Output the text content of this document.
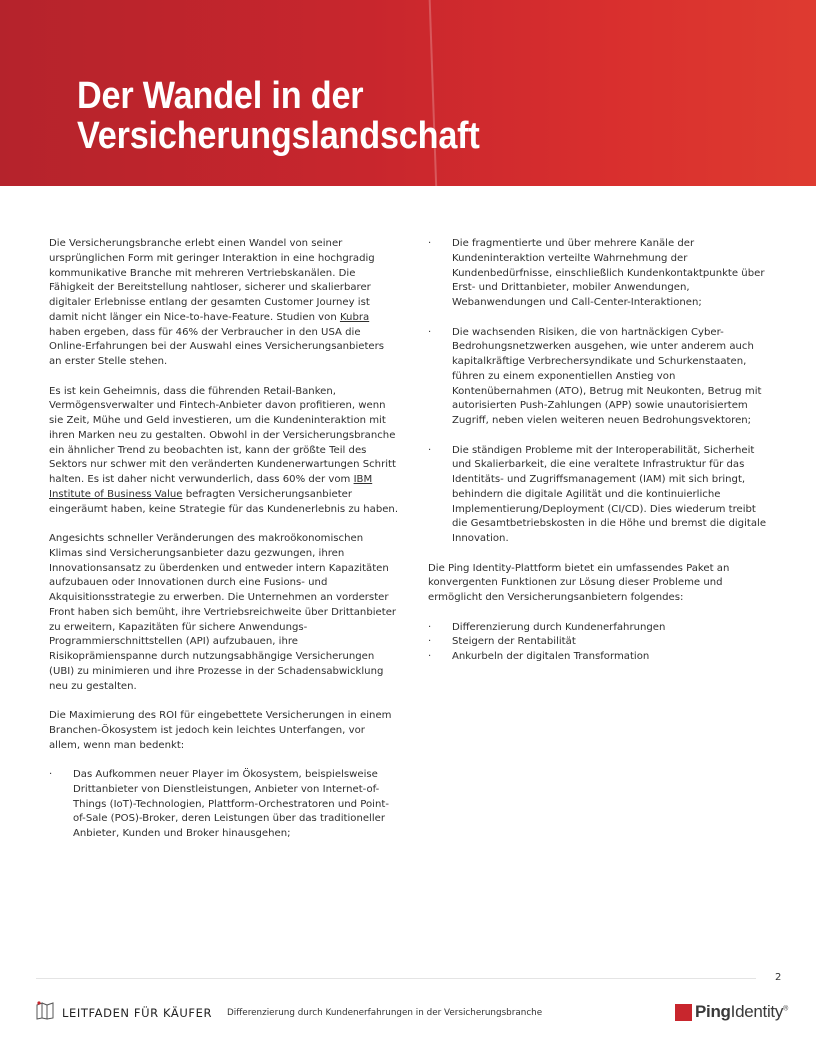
Der Wandel in der
Versicherungslandschaft

Die Versicherungsbranche erlebt einen Wandel von seiner ursprünglichen Form mit geringer Interaktion in eine hochgradig kommunikative Branche mit mehreren Vertriebskanälen. Die Fähigkeit der Bereitstellung nahtloser, sicherer und skalierbarer digitaler Erlebnisse entlang der gesamten Customer Journey ist damit nicht länger ein Nice-to-have-Feature. Studien von Kubra haben ergeben, dass für 46% der Verbraucher in den USA die Online-Erfahrungen bei der Auswahl eines Versicherungsanbieters an erster Stelle stehen.

Es ist kein Geheimnis, dass die führenden Retail-Banken, Vermögensverwalter und Fintech-Anbieter davon profitieren, wenn sie Zeit, Mühe und Geld investieren, um die Kundeninteraktion mit ihren Marken neu zu gestalten. Obwohl in der Versicherungsbranche ein ähnlicher Trend zu beobachten ist, kann der größte Teil des Sektors nur schwer mit den veränderten Kundenerwartungen Schritt halten. Es ist daher nicht verwunderlich, dass 60% der vom IBM Institute of Business Value befragten Versicherungsanbieter eingeräumt haben, keine Strategie für das Kundenerlebnis zu haben.

Angesichts schneller Veränderungen des makroökonomischen Klimas sind Versicherungsanbieter dazu gezwungen, ihren Innovationsansatz zu überdenken und entweder intern Kapazitäten aufzubauen oder Innovationen durch eine Fusions- und Akquisitionsstrategie zu erwerben. Die Unternehmen an vorderster Front haben sich bemüht, ihre Vertriebsreichweite über Drittanbieter zu erweitern, Kapazitäten für sichere Anwendungs-Programmierschnittstellen (API) aufzubauen, ihre Risikoprämienspanne durch nutzungsabhängige Versicherungen (UBI) zu minimieren und ihre Prozesse in der Schadensabwicklung neu zu gestalten.

Die Maximierung des ROI für eingebettete Versicherungen in einem Branchen-Ökosystem ist jedoch kein leichtes Unterfangen, vor allem, wenn man bedenkt:

· Das Aufkommen neuer Player im Ökosystem, beispielsweise Drittanbieter von Dienstleistungen, Anbieter von Internet-of-Things (IoT)-Technologien, Plattform-Orchestratoren und Point-of-Sale (POS)-Broker, deren Leistungen über das traditioneller Anbieter, Kunden und Broker hinausgehen;
· Die fragmentierte und über mehrere Kanäle der Kundeninteraktion verteilte Wahrnehmung der Kundenbedürfnisse, einschließlich Kundenkontaktpunkte über Erst- und Drittanbieter, mobiler Anwendungen, Webanwendungen und Call-Center-Interaktionen;
· Die wachsenden Risiken, die von hartnäckigen Cyber-Bedrohungsnetzwerken ausgehen, wie unter anderem auch kapitalkräftige Verbrechersyndikate und Schurkenstaaten, führen zu einem exponentiellen Anstieg von Kontenübernahmen (ATO), Betrug mit Neukonten, Betrug mit autorisierten Push-Zahlungen (APP) sowie unautorisiertem Zugriff, neben vielen weiteren neuen Bedrohungsvektoren;
· Die ständigen Probleme mit der Interoperabilität, Sicherheit und Skalierbarkeit, die eine veraltete Infrastruktur für das Identitäts- und Zugriffsmanagement (IAM) mit sich bringt, behindern die digitale Agilität und die kontinuierliche Implementierung/Deployment (CI/CD). Dies wiederum treibt die Gesamtbetriebskosten in die Höhe und bremst die digitale Innovation.

Die Ping Identity-Plattform bietet ein umfassendes Paket an konvergenten Funktionen zur Lösung dieser Probleme und ermöglicht den Versicherungsanbietern folgendes:

· Differenzierung durch Kundenerfahrungen
· Steigern der Rentabilität
· Ankurbeln der digitalen Transformation
2
LEITFADEN FÜR KÄUFER Differenzierung durch Kundenerfahrungen in der Versicherungsbranche	PingIdentity®
